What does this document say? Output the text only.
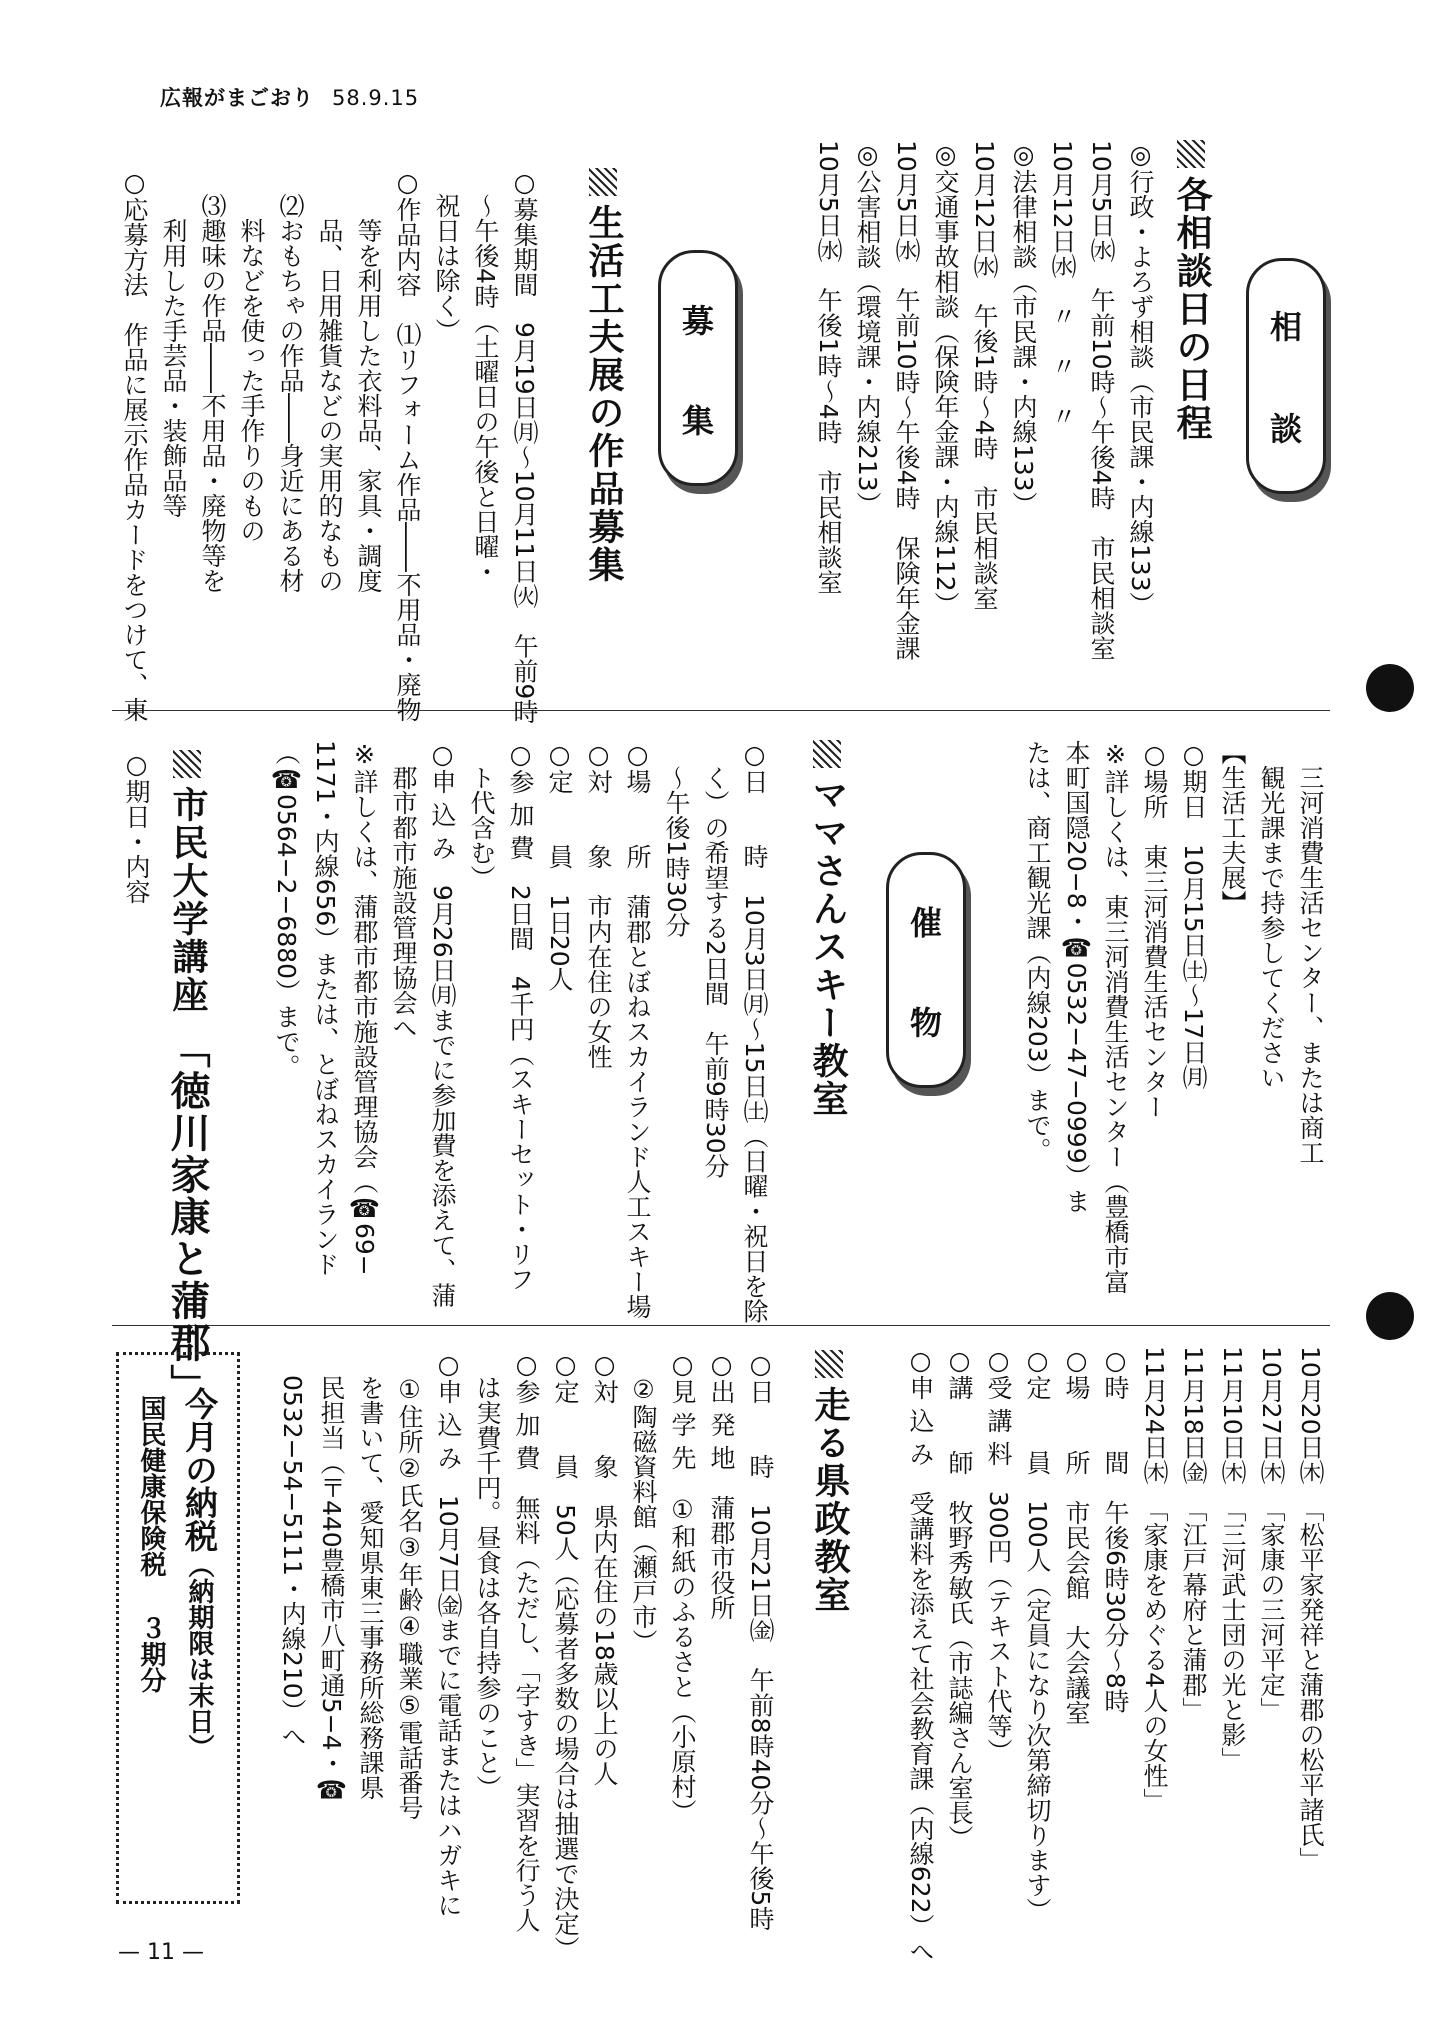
広報がまごおり 58.9.15
相
談
募
集
催
物
各相談日の日程
◎行政・よろず相談（市民課・内線133）
10月5日㈬　午前10時〜午後4時　市民相談室
10月12日㈬　〃　〃　〃
◎法律相談（市民課・内線133）
10月12日㈬　午後1時〜4時　市民相談室
◎交通事故相談（保険年金課・内線112）
10月5日㈬　午前10時〜午後4時　保険年金課
◎公害相談（環境課・内線213）
10月5日㈬　午後1時〜4時　市民相談室
生活工夫展の作品募集
○募集期間　9月19日㈪〜10月11日㈫　午前9時
　〜午後4時（土曜日の午後と日曜・
　祝日は除く）
○作品内容　⑴リフォーム作品――不用品・廃物
　　等を利用した衣料品、家具・調度
　　品、日用雑貨などの実用的なもの
　⑵おもちゃの作品――身近にある材
　　料などを使った手作りのもの
　⑶趣味の作品――不用品・廃物等を
　　利用した手芸品・装飾品等
○応募方法　作品に展示作品カードをつけて、東
　三河消費生活センター、または商工
　観光課まで持参してください
【生活工夫展】
○期日　10月15日㈯〜17日㈪
○場所　東三河消費生活センター
※詳しくは、東三河消費生活センター（豊橋市富
本町国隠20−8・☎0532−47−0999）ま
たは、商工観光課（内線203）まで。
ママさんスキー教室
○日　　時　10月3日㈪〜15日㈯（日曜・祝日を除
　く）の希望する2日間　午前9時30分
　〜午後1時30分
○場　　所　蒲郡とぼねスカイランド人工スキー場
○対　　象　市内在住の女性
○定　　員　1日20人
○参 加 費　2日間　4千円（スキーセット・リフ
　ト代含む）
○申 込 み　9月26日㈪までに参加費を添えて、蒲
　郡市都市施設管理協会へ
※詳しくは、蒲郡市都市施設管理協会（☎69−
1171・内線656）または、とぼねスカイランド
（☎0564−2−6880）まで。
市民大学講座「徳川家康と蒲郡」
○期日・内容
10月20日㈭　「松平家発祥と蒲郡の松平諸氏」
10月27日㈭　「家康の三河平定」
11月10日㈭　「三河武士団の光と影」
11月18日㈮　「江戸幕府と蒲郡」
11月24日㈭　「家康をめぐる4人の女性」
○時　　間　午後6時30分〜8時
○場　　所　市民会館　大会議室
○定　　員　100人（定員になり次第締切ります）
○受 講 料　300円（テキスト代等）
○講　　師　牧野秀敏氏（市誌編さん室長）
○申 込 み　受講料を添えて社会教育課（内線622）へ
走る県政教室
○日　　時　10月21日㈮　午前8時40分〜午後5時
○出 発 地　蒲郡市役所
○見 学 先　①和紙のふるさと（小原村）
　②陶磁資料館（瀬戸市）
○対　　象　県内在住の18歳以上の人
○定　　員　50人（応募者多数の場合は抽選で決定）
○参 加 費　無料（ただし、「字すき」実習を行う人
　は実費千円。昼食は各自持参のこと）
○申 込 み　10月7日㈮までに電話またはハガキに
　①住所②氏名③年齢④職業⑤電話番号
　を書いて、愛知県東三事務所総務課県
　民担当（〒440豊橋市八町通5−4・☎
　0532−54−5111・内線210）へ
今月の納税（納期限は末日）
国民健康保険税３期分
— 11 —
